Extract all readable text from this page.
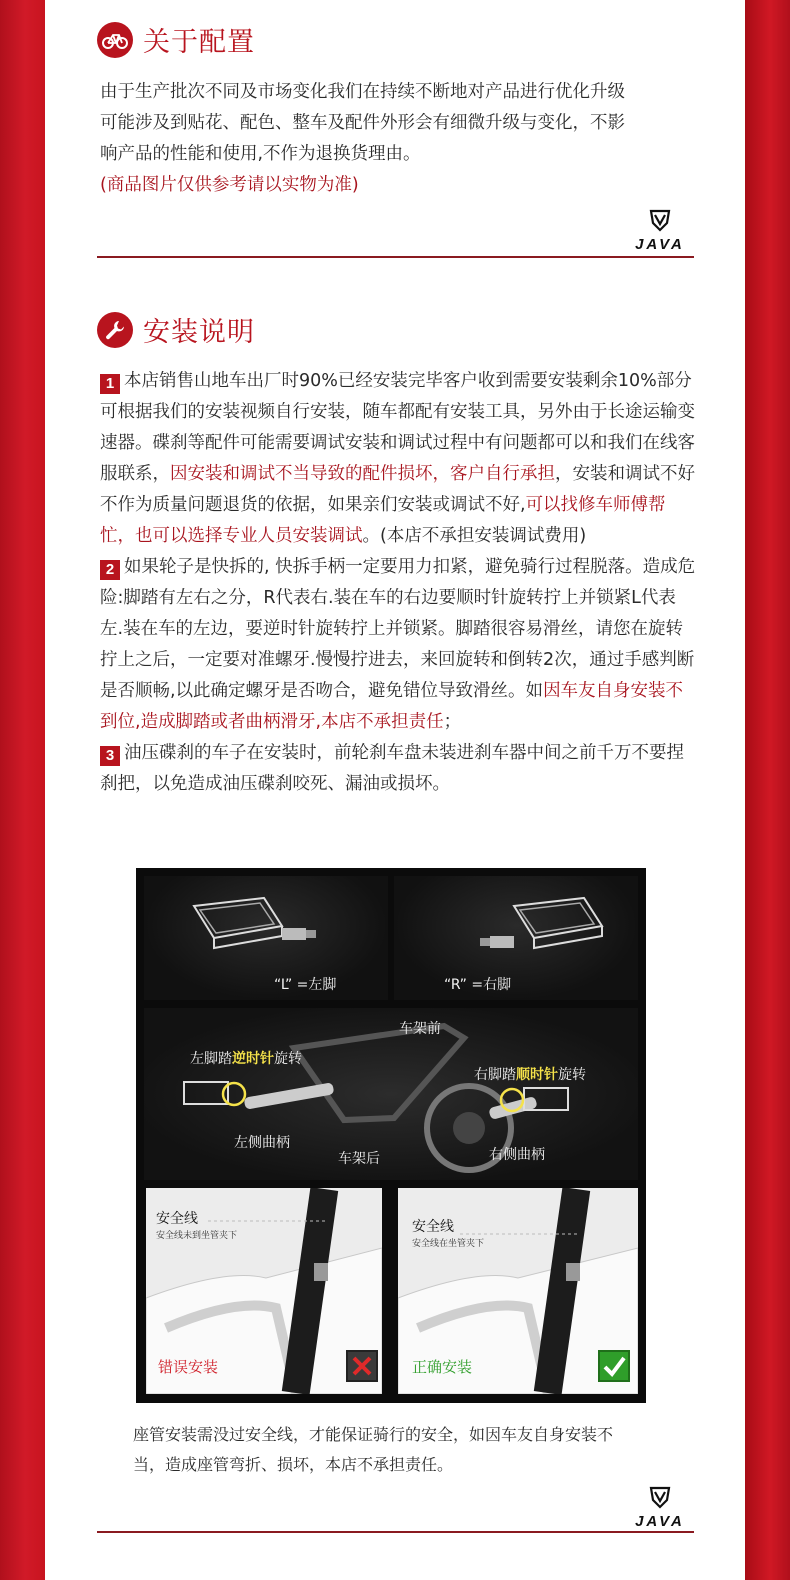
关于配置
由于生产批次不同及市场变化我们在持续不断地对产品进行优化升级
可能涉及到贴花、配色、整车及配件外形会有细微升级与变化，不影
响产品的性能和使用,不作为退换货理由。
(商品图片仅供参考请以实物为准)
JAVA
安装说明
1 本店销售山地车出厂时90%已经安装完毕客户收到需要安装剩余10%部分可根据我们的安装视频自行安装，随车都配有安装工具，另外由于长途运输变速器。碟刹等配件可能需要调试安装和调试过程中有问题都可以和我们在线客服联系，因安装和调试不当导致的配件损坏，客户自行承担，安装和调试不好不作为质量问题退货的依据，如果亲们安装或调试不好,可以找修车师傅帮忙，也可以选择专业人员安装调试。(本店不承担安装调试费用)
2 如果轮子是快拆的, 快拆手柄一定要用力扣紧，避免骑行过程脱落。造成危险:脚踏有左右之分，R代表右.装在车的右边要顺时针旋转拧上并锁紧L代表左.装在车的左边，要逆时针旋转拧上并锁紧。脚踏很容易滑丝，请您在旋转拧上之后，一定要对准螺牙.慢慢拧进去，来回旋转和倒转2次，通过手感判断是否顺畅,以此确定螺牙是否吻合，避免错位导致滑丝。如因车友自身安装不到位,造成脚踏或者曲柄滑牙,本店不承担责任；
3 油压碟刹的车子在安装时，前轮刹车盘未装进刹车器中间之前千万不要捏刹把，以免造成油压碟刹咬死、漏油或损坏。
“L” =左脚	“R” =右脚
车架前
左脚踏逆时针旋转
右脚踏顺时针旋转
左侧曲柄
右侧曲柄
车架后
安全线
安全线未到坐管夹下
错误安装
安全线
安全线在坐管夹下
正确安装
座管安装需没过安全线，才能保证骑行的安全，如因车友自身安装不当，造成座管弯折、损坏，本店不承担责任。
JAVA
